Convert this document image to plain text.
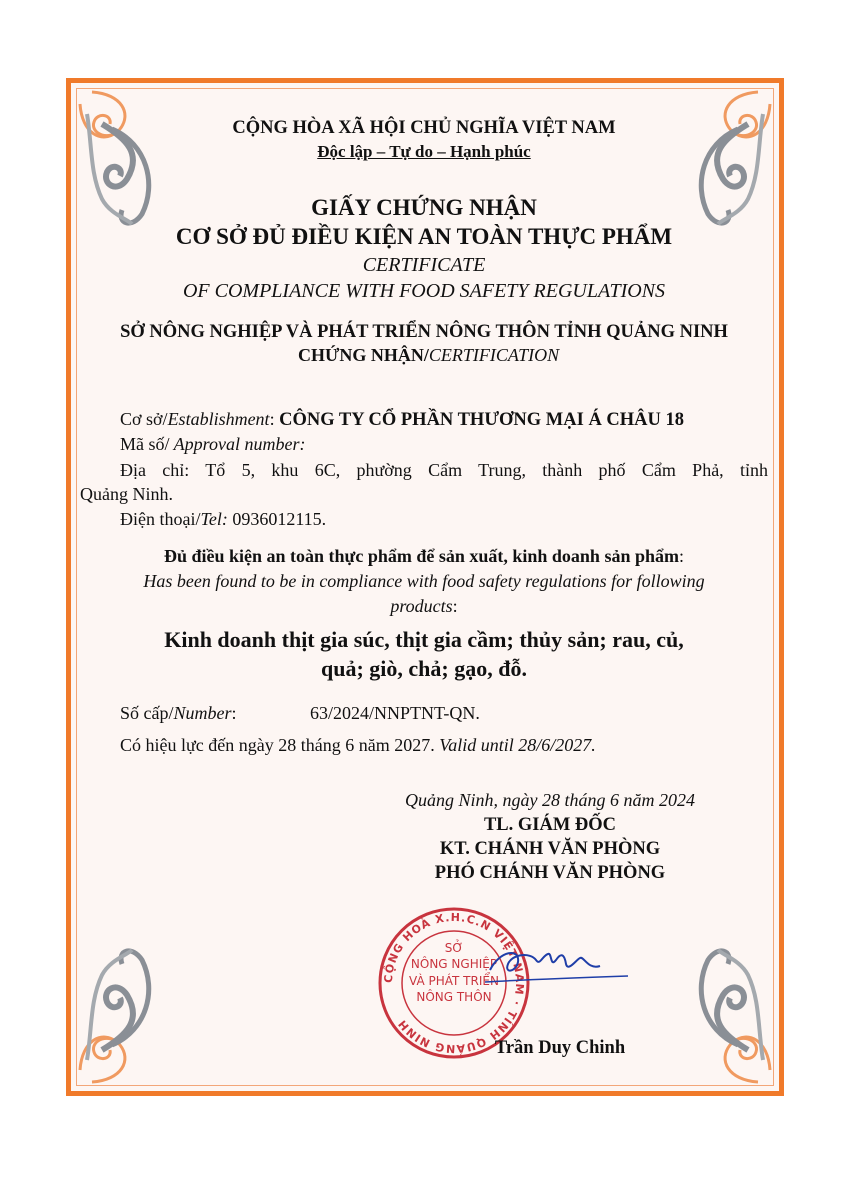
CỘNG HÒA XÃ HỘI CHỦ NGHĨA VIỆT NAM
Độc lập – Tự do – Hạnh phúc
GIẤY CHỨNG NHẬN
CƠ SỞ ĐỦ ĐIỀU KIỆN AN TOÀN THỰC PHẨM
CERTIFICATE
OF COMPLIANCE WITH FOOD SAFETY REGULATIONS
SỞ NÔNG NGHIỆP VÀ PHÁT TRIỂN NÔNG THÔN TỈNH QUẢNG NINH
CHỨNG NHẬN/CERTIFICATION
Cơ sở/Establishment: CÔNG TY CỔ PHẦN THƯƠNG MẠI Á CHÂU 18
Mã số/ Approval number:
Địa chỉ: Tổ 5, khu 6C, phường Cẩm Trung, thành phố Cẩm Phả, tỉnh
Quảng Ninh.
Điện thoại/Tel: 0936012115.
Đủ điều kiện an toàn thực phẩm để sản xuất, kinh doanh sản phẩm:
Has been found to be in compliance with food safety regulations for following
products:
Kinh doanh thịt gia súc, thịt gia cầm; thủy sản; rau, củ,
quả; giò, chả; gạo, đỗ.
Số cấp/Number:	63/2024/NNPTNT-QN.
Có hiệu lực đến ngày 28 tháng 6 năm 2027. Valid until 28/6/2027.
Quảng Ninh, ngày 28 tháng 6 năm 2024
TL. GIÁM ĐỐC
KT. CHÁNH VĂN PHÒNG
PHÓ CHÁNH VĂN PHÒNG
CỘNG HOÀ X.H.C.N VIỆT NAM · TỈNH QUẢNG NINH
SỞ
NÔNG NGHIỆP
VÀ PHÁT TRIỂN
NÔNG THÔN
Trần Duy Chinh
